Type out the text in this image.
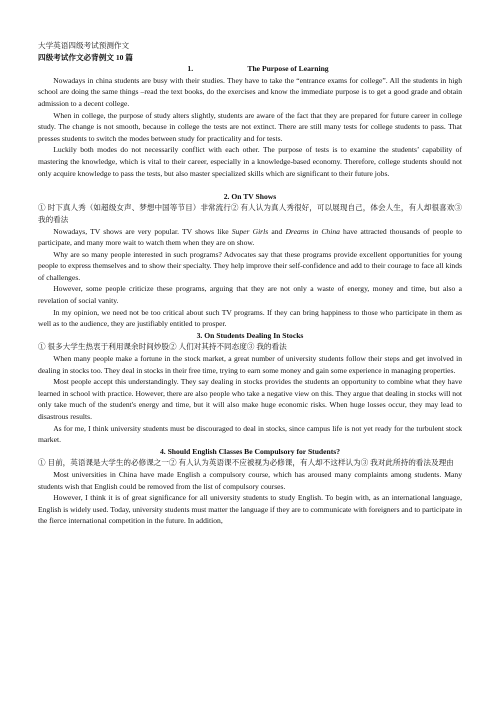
大学英语四级考试预测作文
四级考试作文必背例文 10 篇
1.	The Purpose of Learning

Nowadays in china students are busy with their studies. They have to take the “entrance exams for college”. All the students in high school are doing the same things –read the text books, do the exercises and know the immediate purpose is to get a good grade and obtain admission to a decent college.

When in college, the purpose of study alters slightly, students are aware of the fact that they are prepared for future career in college study. The change is not smooth, because in college the tests are not extinct. There are still many tests for college students to pass. That presses students to switch the modes between study for practicality and for tests.

Luckily both modes do not necessarily conflict with each other. The purpose of tests is to examine the students’ capability of mastering the knowledge, which is vital to their career, especially in a knowledge-based economy. Therefore, college students should not only acquire knowledge to pass the tests, but also master specialized skills which are significant to their future jobs.

2. On TV Shows

① 时下真人秀（如超级女声、梦想中国等节目）非常流行② 有人认为真人秀很好，可以展现自己，体会人生，有人却很喜欢③ 我的看法

Nowadays, TV shows are very popular. TV shows like Super Girls and Dreams in China have attracted thousands of people to participate, and many more wait to watch them when they are on show.

Why are so many people interested in such programs? Advocates say that these programs provide excellent opportunities for young people to express themselves and to show their specialty. They help improve their self-confidence and add to their courage to face all kinds of challenges.

However, some people criticize these programs, arguing that they are not only a waste of energy, money and time, but also a revelation of social vanity.

In my opinion, we need not be too critical about such TV programs. If they can bring happiness to those who participate in them as well as to the audience, they are justifiably entitled to prosper.

3. On Students Dealing In Stocks

① 很多大学生热衷于利用课余时间炒股② 人们对其持不同态度③ 我的看法

When many people make a fortune in the stock market, a great number of university students follow their steps and get involved in dealing in stocks too. They deal in stocks in their free time, trying to earn some money and gain some experience in managing properties.

Most people accept this understandingly. They say dealing in stocks provides the students an opportunity to combine what they have learned in school with practice. However, there are also people who take a negative view on this. They argue that dealing in stocks will not only take much of the student's energy and time, but it will also make huge economic risks. When huge losses occur, they may lead to disastrous results.

As for me, I think university students must be discouraged to deal in stocks, since campus life is not yet ready for the turbulent stock market.

4. Should English Classes Be Compulsory for Students?

① 目前，英语课是大学生的必修课之一② 有人认为英语课不应被视为必修课，有人却不这样认为③ 我对此所持的看法及理由

Most universities in China have made English a compulsory course, which has aroused many complaints among students. Many students wish that English could be removed from the list of compulsory courses.

However, I think it is of great significance for all university students to study English. To begin with, as an international language, English is widely used. Today, university students must matter the language if they are to communicate with foreigners and to participate in the fierce international competition in the future. In addition,
